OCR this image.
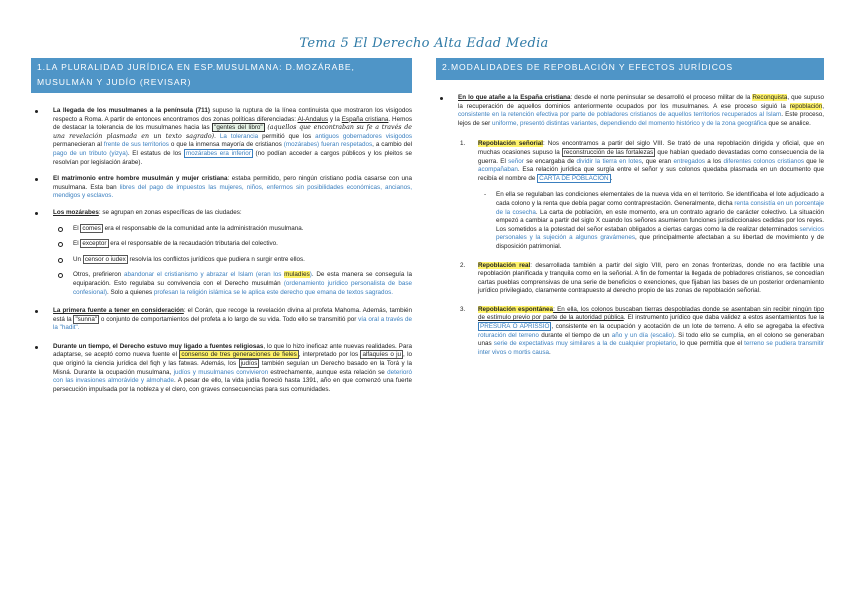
Tema 5 El Derecho Alta Edad Media
1.LA PLURALIDAD JURÍDICA EN ESP.MUSULMANA: D.MOZÁRABE, MUSULMÁN Y JUDÍO (REVISAR)
La llegada de los musulmanes a la península (711) supuso la ruptura de la línea continuista que mostraron los visigodos respecto a Roma. A partir de entonces encontramos dos zonas políticas diferenciadas: Al-Andalus y la España cristiana. Hemos de destacar la tolerancia de los musulmanes hacia las "gentes del libro" (aquellos que encontraban su fe a través de una revelación plasmada en un texto sagrado). La tolerancia permitió que los antiguos gobernadores visigodos permanecieran al frente de sus territorios o que la inmensa mayoría de cristianos (mozárabes) fueran respetados, a cambio del pago de un tributo (yizya). El estatus de los mozárabes era inferior (no podían acceder a cargos públicos y los pleitos se resolvían por legislación árabe).
El matrimonio entre hombre musulmán y mujer cristiana: estaba permitido, pero ningún cristiano podía casarse con una musulmana. Esta ban libres del pago de impuestos las mujeres, niños, enfermos sin posibilidades económicas, ancianos, mendigos y esclavos.
Los mozárabes: se agrupan en zonas específicas de las ciudades:
El comes era el responsable de la comunidad ante la administración musulmana.
El exceptor era el responsable de la recaudación tributaria del colectivo.
Un censor o iudex resolvía los conflictos jurídicos que pudiera n surgir entre ellos.
Otros, prefirieron abandonar el cristianismo y abrazar el Islam (eran los muladíes). De esta manera se conseguía la equiparación. Esto regulaba su convivencia con el Derecho musulmán (ordenamiento jurídico personalista de base confesional). Solo a quienes profesan la religión islámica se le aplica este derecho que emana de textos sagrados.
La primera fuente a tener en consideración: el Corán, que recoge la revelación divina al profeta Mahoma. Además, también está la "sunna" o conjunto de comportamientos del profeta a lo largo de su vida. Todo ello se transmitió por vía oral a través de la "hadit".
Durante un tiempo, el Derecho estuvo muy ligado a fuentes religiosas, lo que lo hizo ineficaz ante nuevas realidades. Para adaptarse, se aceptó como nueva fuente el consenso de tres generaciones de fieles , interpretado por los alfaquíes o ju , lo que originó la ciencia jurídica del fiqh y las fatwas. Además, los judíos también seguían un Derecho basado en la Torá y la Misná. Durante la ocupación musulmana, judíos y musulmanes convivieron estrechamente, aunque esta relación se deterioró con las invasiones almorávide y almohade. A pesar de ello, la vida judía floreció hasta 1391, año en que comenzó una fuerte persecución impulsada por la nobleza y el clero, con graves consecuencias para sus comunidades.
2.MODALIDADES DE REPOBLACIÓN Y EFECTOS JURÍDICOS
En lo que atañe a la España cristiana: desde el norte peninsular se desarrolló el proceso militar de la Reconquista, que supuso la recuperación de aquellos dominios anteriormente ocupados por los musulmanes. A ese proceso siguió la repoblación, consistente en la retención efectiva por parte de pobladores cristianos de aquellos territorios recuperados al Islam. Este proceso, lejos de ser uniforme, presentó distintas variantes, dependiendo del momento histórico y de la zona geográfica que se analice.
1. Repoblación señorial: Nos encontramos a partir del siglo VIII. Se trató de una repoblación dirigida y oficial, que en muchas ocasiones supuso la reconstrucción de las fortalezas que habían quedado devastadas como consecuencia de la guerra. El señor se encargaba de dividir la tierra en lotes, que eran entregados a los diferentes colonos cristianos que le acompañaban. Esa relación jurídica que surgía entre el señor y sus colonos quedaba plasmada en un documento que recibía el nombre de CARTA DE POBLACIÓN .
- En ella se regulaban las condiciones elementales de la nueva vida en el territorio. Se identificaba el lote adjudicado a cada colono y la renta que debía pagar como contraprestación. Generalmente, dicha renta consistía en un porcentaje de la cosecha. La carta de población, en este momento, era un contrato agrario de carácter colectivo. La situación empezó a cambiar a partir del siglo X cuando los señores asumieron funciones jurisdiccionales cedidas por los reyes. Los sometidos a la potestad del señor estaban obligados a ciertas cargas como la de realizar determinados servicios personales y la sujeción a algunos gravámenes, que principalmente afectaban a su libertad de movimiento y de disposición patrimonial.
2. Repoblación real: desarrollada también a partir del siglo VIII, pero en zonas fronterizas, donde no era factible una repoblación planificada y tranquila como en la señorial. A fin de fomentar la llegada de pobladores cristianos, se concedían cartas pueblas comprensivas de una serie de beneficios o exenciones, que fijaban las bases de un posterior ordenamiento jurídico privilegiado, claramente contrapuesto al derecho propio de las zonas de repoblación señorial.
3. Repoblación espontánea: En ella, los colonos buscaban tierras despobladas donde se asentaban sin recibir ningún tipo de estímulo previo por parte de la autoridad pública. El instrumento jurídico que daba validez a estos asentamientos fue la PRESURA O APRISSIO , consistente en la ocupación y acotación de un lote de terreno. A ello se agregaba la efectiva roturación del terreno durante el tiempo de un año y un día (escalio). Si todo ello se cumplía, en el colono se generaban unas serie de expectativas muy similares a la de cualquier propietario, lo que permitía que el terreno se pudiera transmitir inter vivos o mortis causa.
